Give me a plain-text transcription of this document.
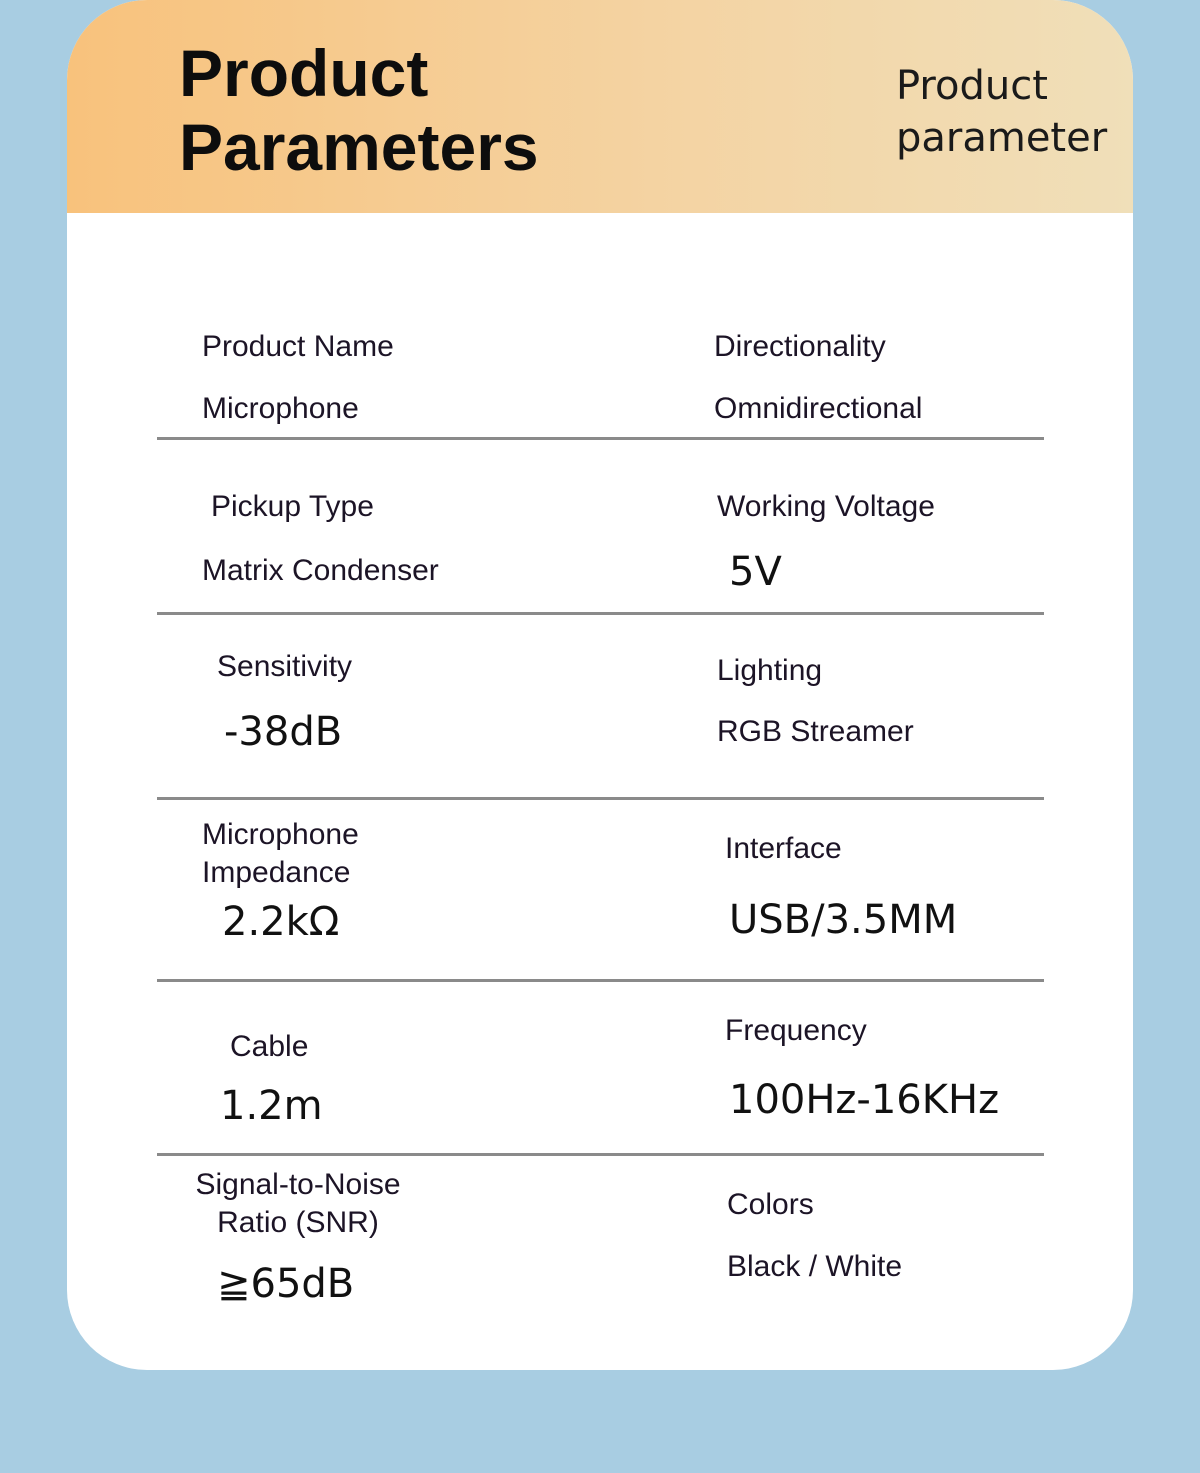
Product Parameters
Product parameter
Product Name
Microphone
Directionality
Omnidirectional
Pickup Type
Matrix Condenser
Working Voltage
5V
Sensitivity
-38dB
Lighting
RGB Streamer
Microphone Impedance
2.2kΩ
Interface
USB/3.5MM
Cable
1.2m
Frequency
100Hz-16KHz
Signal-to-Noise Ratio (SNR)
≧65dB
Colors
Black / White
